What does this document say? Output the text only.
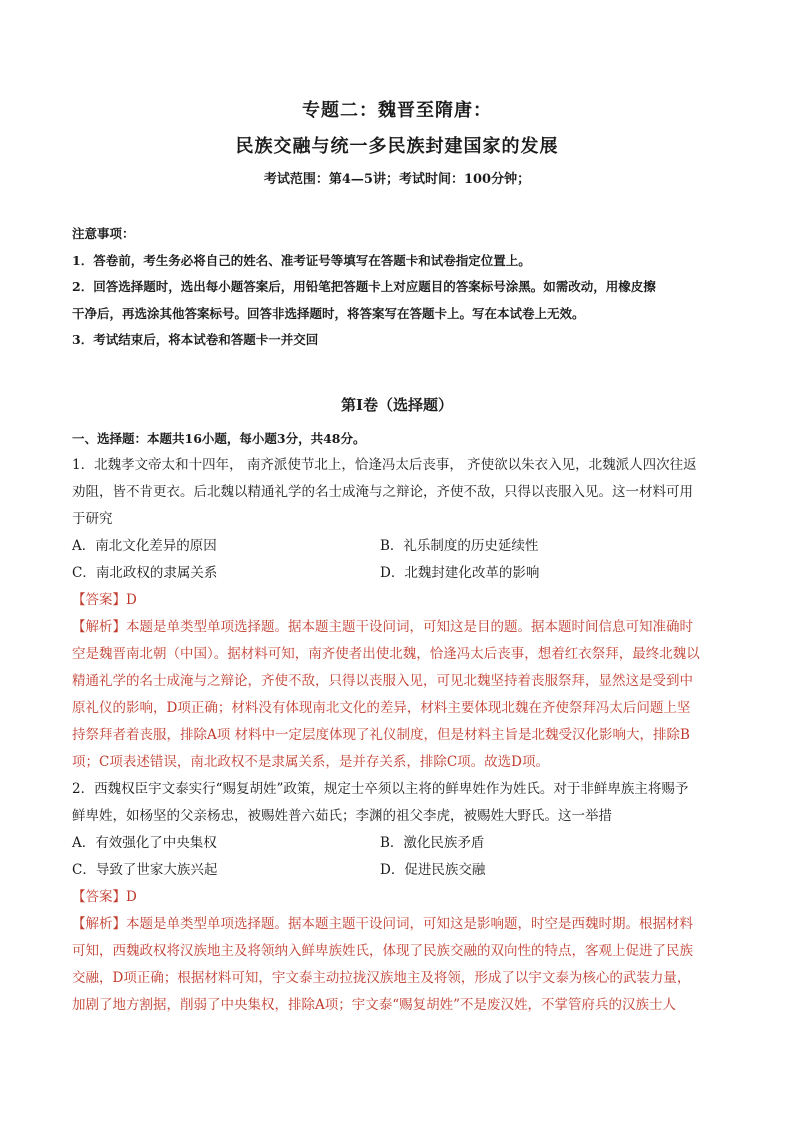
专题二：魏晋至隋唐：
民族交融与统一多民族封建国家的发展
考试范围：第4—5讲；考试时间：100分钟；
注意事项：
1．答卷前，考生务必将自己的姓名、准考证号等填写在答题卡和试卷指定位置上。
2．回答选择题时，选出每小题答案后，用铅笔把答题卡上对应题目的答案标号涂黑。如需改动，用橡皮擦
干净后，再选涂其他答案标号。回答非选择题时，将答案写在答题卡上。写在本试卷上无效。
3．考试结束后，将本试卷和答题卡一并交回
第I卷（选择题）
一、选择题：本题共16小题，每小题3分，共48分。
1．北魏孝文帝太和十四年， 南齐派使节北上，恰逢冯太后丧事， 齐使欲以朱衣入见，北魏派人四次往返
劝阻，皆不肯更衣。后北魏以精通礼学的名士成淹与之辩论，齐使不敌，只得以丧服入见。这一材料可用
于研究
A．南北文化差异的原因	B．礼乐制度的历史延续性
C．南北政权的隶属关系	D．北魏封建化改革的影响
【答案】D
【解析】本题是单类型单项选择题。据本题主题干设问词，可知这是目的题。据本题时间信息可知准确时
空是魏晋南北朝（中国）。据材料可知，南齐使者出使北魏，恰逢冯太后丧事，想着红衣祭拜，最终北魏以
精通礼学的名士成淹与之辩论，齐使不敌，只得以丧服入见，可见北魏坚持着丧服祭拜，显然这是受到中
原礼仪的影响，D项正确；材料没有体现南北文化的差异，材料主要体现北魏在齐使祭拜冯太后问题上坚
持祭拜者着丧服，排除A项 材料中一定层度体现了礼仪制度，但是材料主旨是北魏受汉化影响大，排除B
项；C项表述错误，南北政权不是隶属关系，是并存关系，排除C项。故选D项。
2．西魏权臣宇文泰实行“赐复胡姓”政策，规定士卒须以主将的鲜卑姓作为姓氏。对于非鲜卑族主将赐予
鲜卑姓，如杨坚的父亲杨忠，被赐姓普六茹氏；李渊的祖父李虎，被赐姓大野氏。这一举措
A．有效强化了中央集权	B．激化民族矛盾
C．导致了世家大族兴起	D．促进民族交融
【答案】D
【解析】本题是单类型单项选择题。据本题主题干设问词，可知这是影响题，时空是西魏时期。根据材料
可知，西魏政权将汉族地主及将领纳入鲜卑族姓氏，体现了民族交融的双向性的特点，客观上促进了民族
交融，D项正确；根据材料可知，宇文泰主动拉拢汉族地主及将领，形成了以宇文泰为核心的武装力量，
加剧了地方割据，削弱了中央集权，排除A项；宇文泰“赐复胡姓”不是废汉姓，不掌管府兵的汉族士人
